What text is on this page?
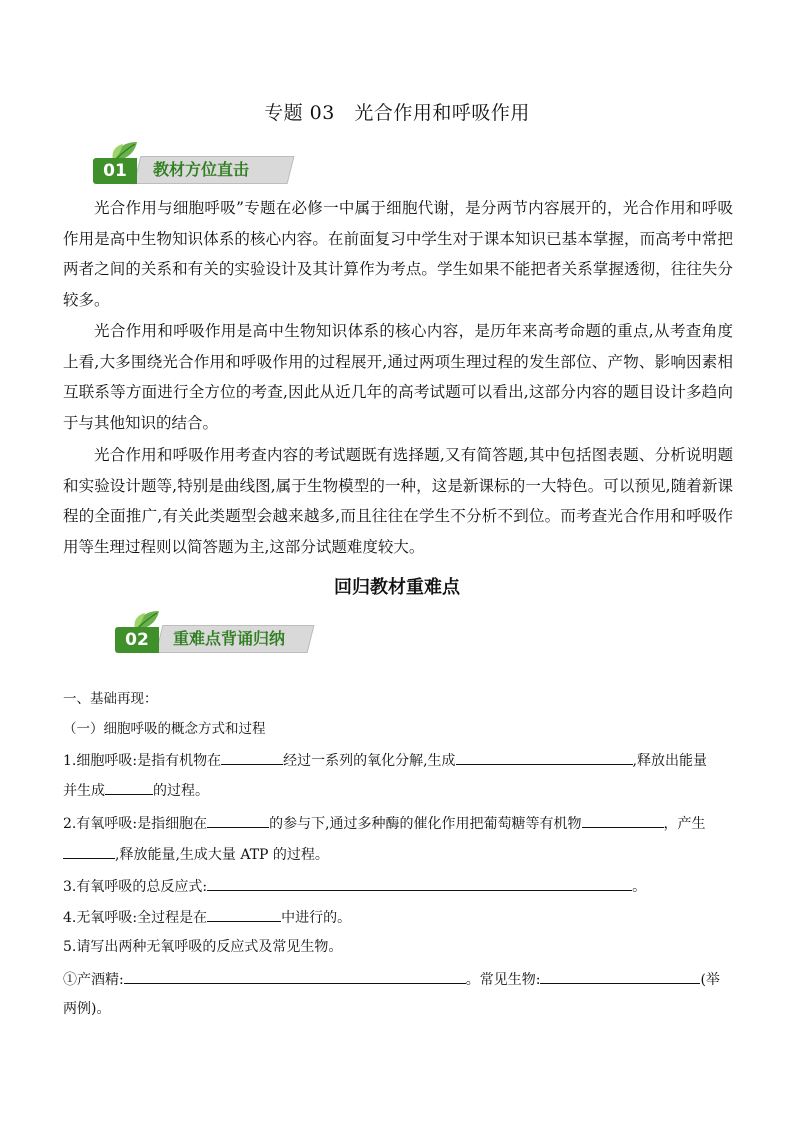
专题 03　光合作用和呼吸作用
01	教材方位直击

光合作用与细胞呼吸”专题在必修一中属于细胞代谢，是分两节内容展开的，光合作用和呼吸作用是高中生物知识体系的核心内容。在前面复习中学生对于课本知识已基本掌握，而高考中常把两者之间的关系和有关的实验设计及其计算作为考点。学生如果不能把者关系掌握透彻，往往失分较多。

光合作用和呼吸作用是高中生物知识体系的核心内容，是历年来高考命题的重点,从考查角度上看,大多围绕光合作用和呼吸作用的过程展开,通过两项生理过程的发生部位、产物、影响因素相互联系等方面进行全方位的考查,因此从近几年的高考试题可以看出,这部分内容的题目设计多趋向于与其他知识的结合。

光合作用和呼吸作用考查内容的考试题既有选择题,又有简答题,其中包括图表题、分析说明题和实验设计题等,特别是曲线图,属于生物模型的一种，这是新课标的一大特色。可以预见,随着新课程的全面推广,有关此类题型会越来越多,而且往往在学生不分析不到位。而考查光合作用和呼吸作用等生理过程则以简答题为主,这部分试题难度较大。

回归教材重难点
02	重难点背诵归纳
一、基础再现：
（一）细胞呼吸的概念方式和过程
1.细胞呼吸:是指有机物在	经过一系列的氧化分解,生成	,释放出能量
并生成	的过程。
2.有氧呼吸:是指细胞在	的参与下,通过多种酶的催化作用把葡萄糖等有机物	，产生
,释放能量,生成大量 ATP 的过程。
3.有氧呼吸的总反应式:	。
4.无氧呼吸:全过程是在	中进行的。
5.请写出两种无氧呼吸的反应式及常见生物。
①产酒精:	。常见生物:	(举
两例)。
